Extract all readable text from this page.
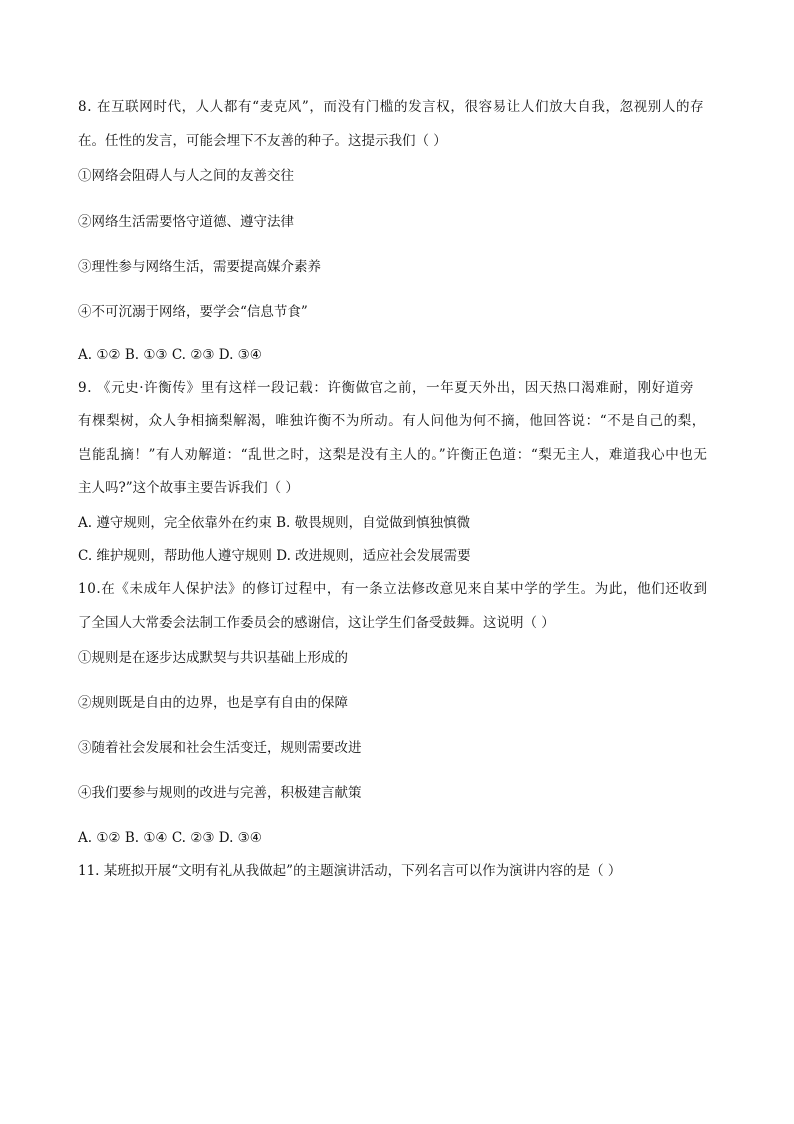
8. 在互联网时代，人人都有“麦克风”，而没有门槛的发言权，很容易让人们放大自我，忽视别人的存
在。任性的发言，可能会埋下不友善的种子。这提示我们（ ）
①网络会阻碍人与人之间的友善交往
②网络生活需要恪守道德、遵守法律
③理性参与网络生活，需要提高媒介素养
④不可沉溺于网络，要学会“信息节食”
A. ①② B. ①③ C. ②③ D. ③④
9. 《元史·许衡传》里有这样一段记载：许衡做官之前，一年夏天外出，因天热口渴难耐，刚好道旁
有棵梨树，众人争相摘梨解渴，唯独许衡不为所动。有人问他为何不摘，他回答说：“不是自己的梨，
岂能乱摘！”有人劝解道：“乱世之时，这梨是没有主人的。”许衡正色道：“梨无主人，难道我心中也无
主人吗?”这个故事主要告诉我们（ ）
A. 遵守规则，完全依靠外在约束 B. 敬畏规则，自觉做到慎独慎微
C. 维护规则，帮助他人遵守规则 D. 改进规则，适应社会发展需要
10.在《未成年人保护法》的修订过程中，有一条立法修改意见来自某中学的学生。为此，他们还收到
了全国人大常委会法制工作委员会的感谢信，这让学生们备受鼓舞。这说明（ ）
①规则是在逐步达成默契与共识基础上形成的
②规则既是自由的边界，也是享有自由的保障
③随着社会发展和社会生活变迁，规则需要改进
④我们要参与规则的改进与完善，积极建言献策
A. ①② B. ①④ C. ②③ D. ③④
11. 某班拟开展“文明有礼从我做起”的主题演讲活动，下列名言可以作为演讲内容的是（ ）
